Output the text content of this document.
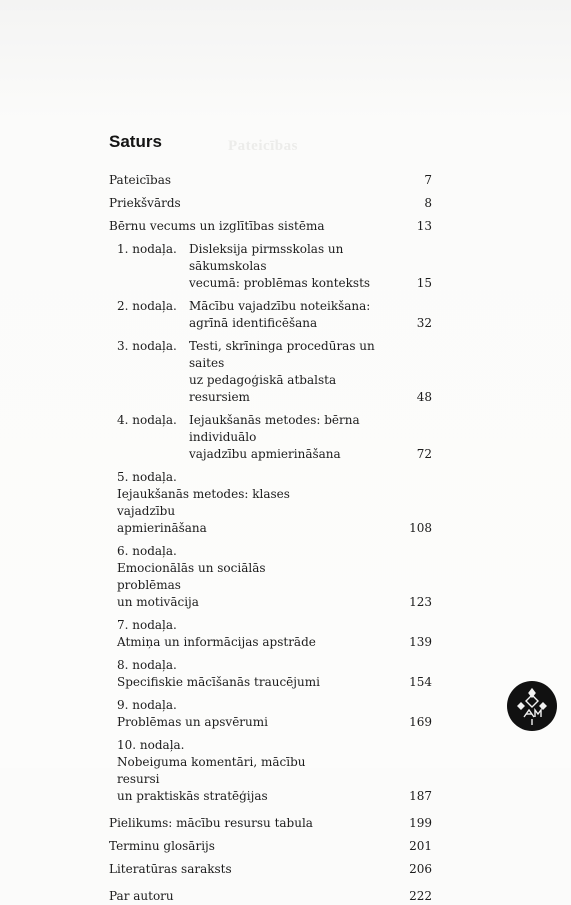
Pateicības
Saturs
Pateicības	7
Priekšvārds	8
Bērnu vecums un izglītības sistēma	13
1. nodaļa. Disleksija pirmsskolas un sākumskolas
vecumā: problēmas konteksts	15
2. nodaļa. Mācību vajadzību noteikšana:
agrīnā identificēšana	32
3. nodaļa. Testi, skrīninga procedūras un saites
uz pedagoģiskā atbalsta resursiem	48
4. nodaļa. Iejaukšanās metodes: bērna individuālo
vajadzību apmierināšana	72
5. nodaļa.Iejaukšanās metodes: klases vajadzību
apmierināšana	108
6. nodaļa.Emocionālās un sociālās problēmas
un motivācija	123
7. nodaļa.Atmiņa un informācijas apstrāde	139
8. nodaļa.Specifiskie mācīšanās traucējumi	154
9. nodaļa.Problēmas un apsvērumi	169
10. nodaļa.Nobeiguma komentāri, mācību resursi
un praktiskās stratēģijas	187
Pielikums: mācību resursu tabula	199
Terminu glosārijs	201
Literatūras saraksts	206
Par autoru	222
